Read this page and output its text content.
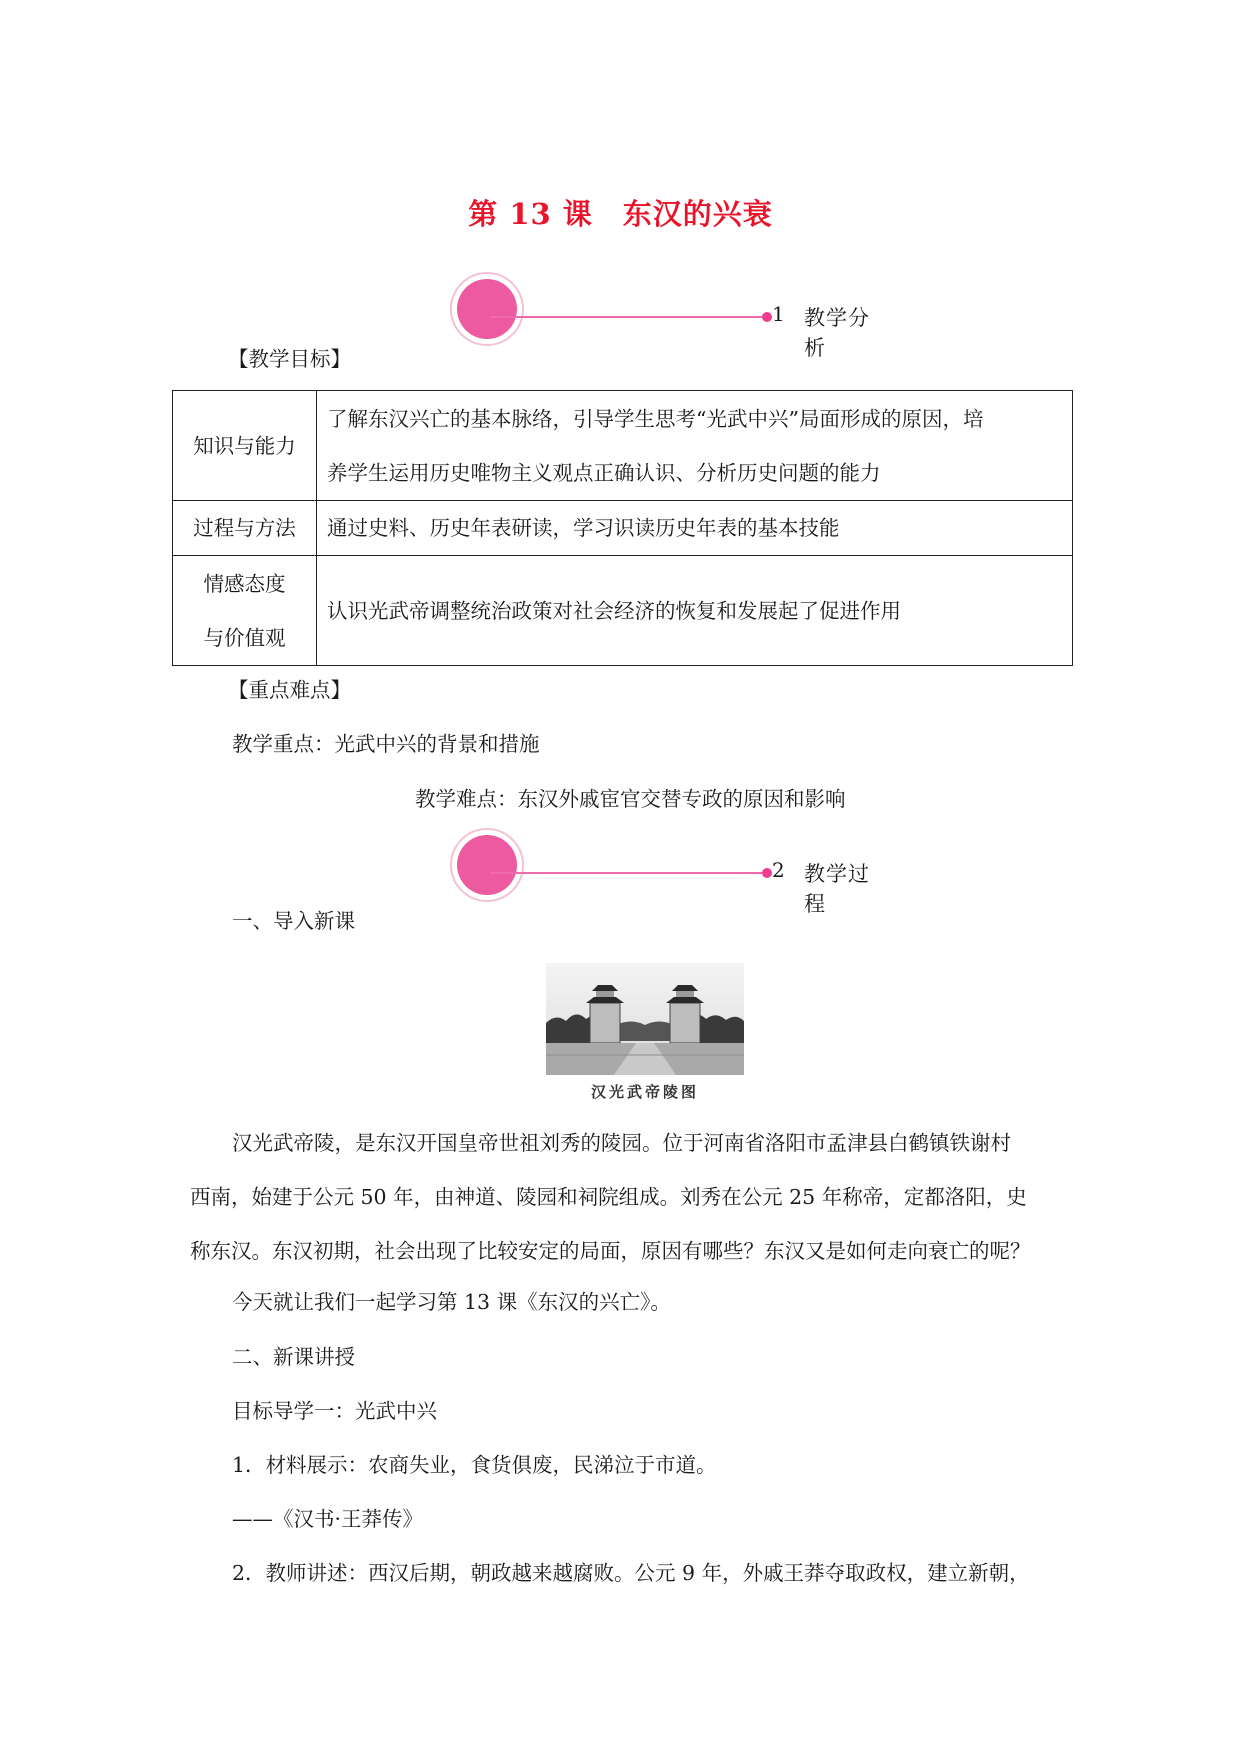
第 13 课　东汉的兴衰
1 教学分析
【教学目标】
知识与能力	了解东汉兴亡的基本脉络，引导学生思考“光武中兴”局面形成的原因，培
养学生运用历史唯物主义观点正确认识、分析历史问题的能力

过程与方法	通过史料、历史年表研读，学习识读历史年表的基本技能

情感态度
与价值观	认识光武帝调整统治政策对社会经济的恢复和发展起了促进作用
【重点难点】
教学重点：光武中兴的背景和措施
教学难点：东汉外戚宦官交替专政的原因和影响
2 教学过程
一、导入新课
汉光武帝陵图
汉光武帝陵，是东汉开国皇帝世祖刘秀的陵园。位于河南省洛阳市孟津县白鹤镇铁谢村
西南，始建于公元 50 年，由神道、陵园和祠院组成。刘秀在公元 25 年称帝，定都洛阳，史
称东汉。东汉初期，社会出现了比较安定的局面，原因有哪些？东汉又是如何走向衰亡的呢？
今天就让我们一起学习第 13 课《东汉的兴亡》。
二、新课讲授
目标导学一：光武中兴
1．材料展示：农商失业，食货俱废，民涕泣于市道。
——《汉书·王莽传》
2．教师讲述：西汉后期，朝政越来越腐败。公元 9 年，外戚王莽夺取政权，建立新朝，
